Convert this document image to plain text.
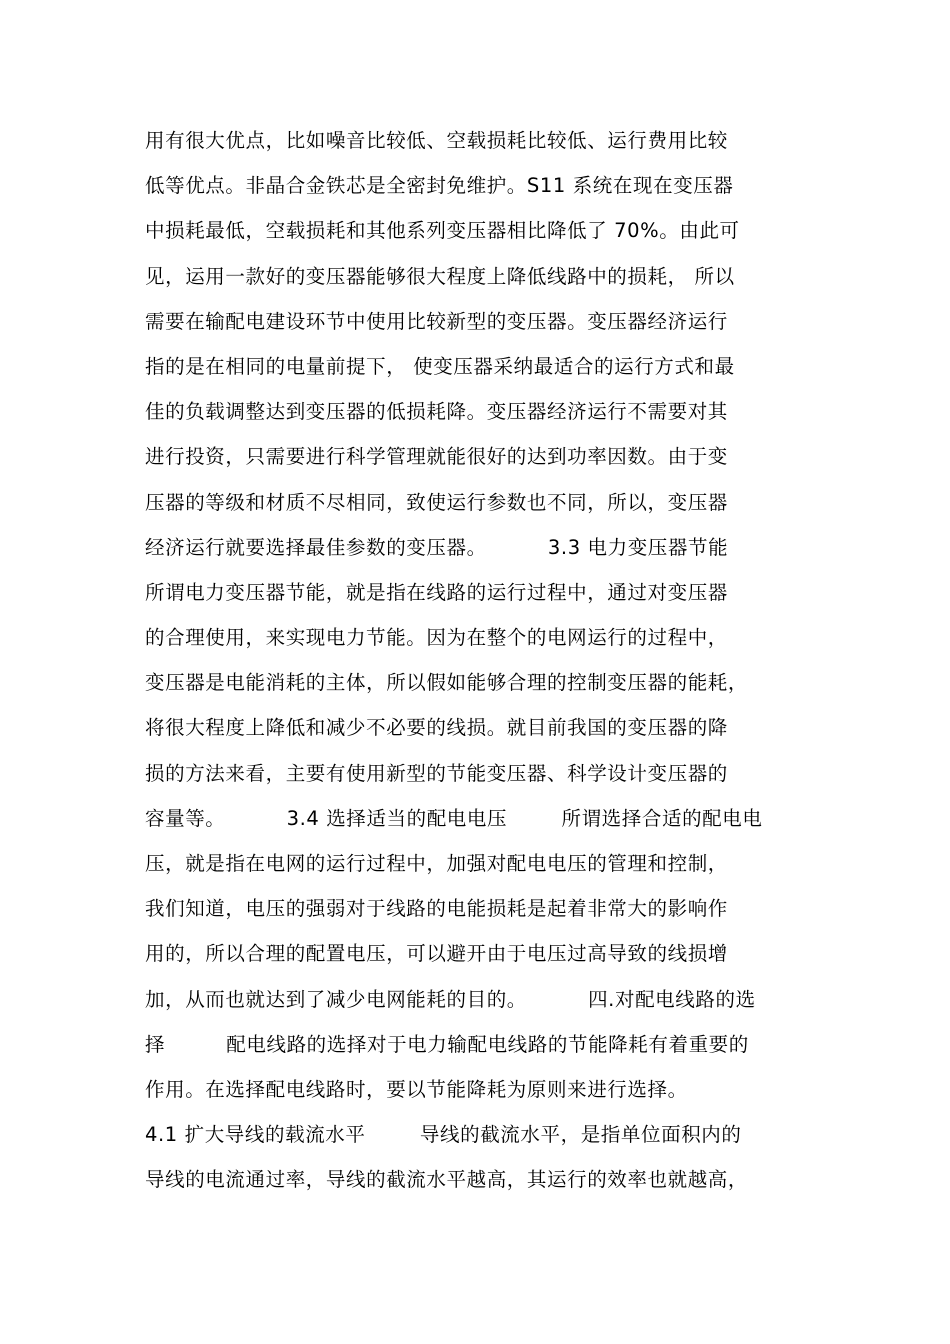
用有很大优点，比如噪音比较低、空载损耗比较低、运行费用比较
低等优点。非晶合金铁芯是全密封免维护。S11 系统在现在变压器
中损耗最低，空载损耗和其他系列变压器相比降低了 70%。由此可
见，运用一款好的变压器能够很大程度上降低线路中的损耗， 所以
需要在输配电建设环节中使用比较新型的变压器。变压器经济运行
指的是在相同的电量前提下， 使变压器采纳最适合的运行方式和最
佳的负载调整达到变压器的低损耗降。变压器经济运行不需要对其
进行投资，只需要进行科学管理就能很好的达到功率因数。由于变
压器的等级和材质不尽相同，致使运行参数也不同，所以，变压器
经济运行就要选择最佳参数的变压器。         3.3 电力变压器节能
所谓电力变压器节能，就是指在线路的运行过程中，通过对变压器
的合理使用，来实现电力节能。因为在整个的电网运行的过程中，
变压器是电能消耗的主体，所以假如能够合理的控制变压器的能耗，
将很大程度上降低和减少不必要的线损。就目前我国的变压器的降
损的方法来看，主要有使用新型的节能变压器、科学设计变压器的
容量等。         3.4 选择适当的配电电压        所谓选择合适的配电电
压，就是指在电网的运行过程中，加强对配电电压的管理和控制，
我们知道，电压的强弱对于线路的电能损耗是起着非常大的影响作
用的，所以合理的配置电压，可以避开由于电压过高导致的线损增
加，从而也就达到了减少电网能耗的目的。         四.对配电线路的选
择         配电线路的选择对于电力输配电线路的节能降耗有着重要的
作用。在选择配电线路时，要以节能降耗为原则来进行选择。
4.1 扩大导线的载流水平        导线的截流水平，是指单位面积内的
导线的电流通过率，导线的截流水平越高，其运行的效率也就越高，
